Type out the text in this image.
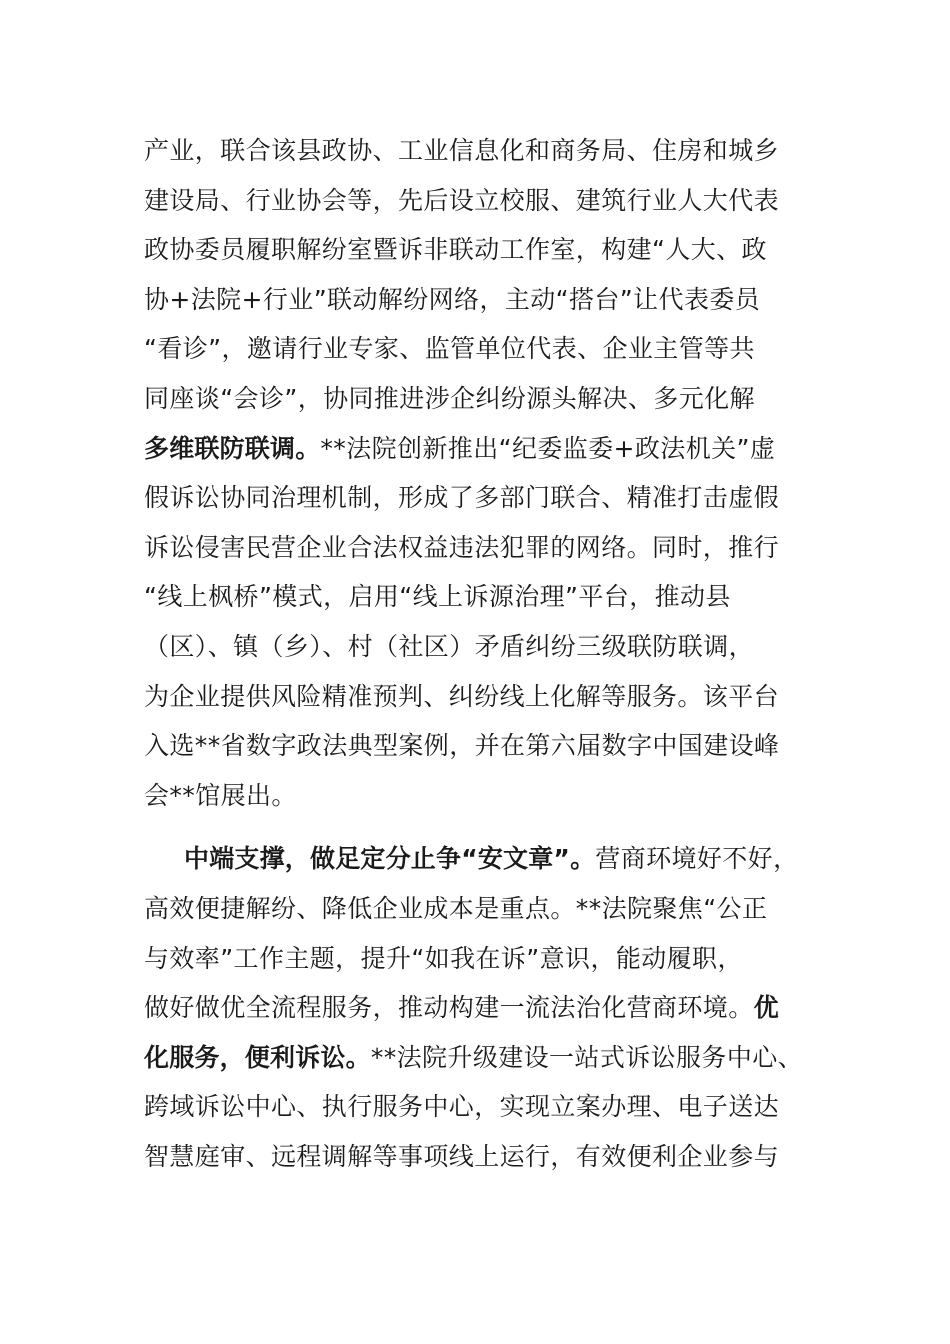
产业，联合该县政协、工业信息化和商务局、住房和城乡
建设局、行业协会等，先后设立校服、建筑行业人大代表
政协委员履职解纷室暨诉非联动工作室，构建“人大、政
协+法院+行业”联动解纷网络，主动“搭台”让代表委员
“看诊”，邀请行业专家、监管单位代表、企业主管等共
同座谈“会诊”，协同推进涉企纠纷源头解决、多元化解
多维联防联调。**法院创新推出“纪委监委+政法机关”虚
假诉讼协同治理机制，形成了多部门联合、精准打击虚假
诉讼侵害民营企业合法权益违法犯罪的网络。同时，推行
“线上枫桥”模式，启用“线上诉源治理”平台，推动县
（区）、镇（乡）、村（社区）矛盾纠纷三级联防联调，
为企业提供风险精准预判、纠纷线上化解等服务。该平台
入选**省数字政法典型案例，并在第六届数字中国建设峰
会**馆展出。
中端支撑，做足定分止争“安文章”。营商环境好不好，
高效便捷解纷、降低企业成本是重点。**法院聚焦“公正
与效率”工作主题，提升“如我在诉”意识，能动履职，
做好做优全流程服务，推动构建一流法治化营商环境。优
化服务，便利诉讼。**法院升级建设一站式诉讼服务中心、
跨域诉讼中心、执行服务中心，实现立案办理、电子送达
智慧庭审、远程调解等事项线上运行，有效便利企业参与
